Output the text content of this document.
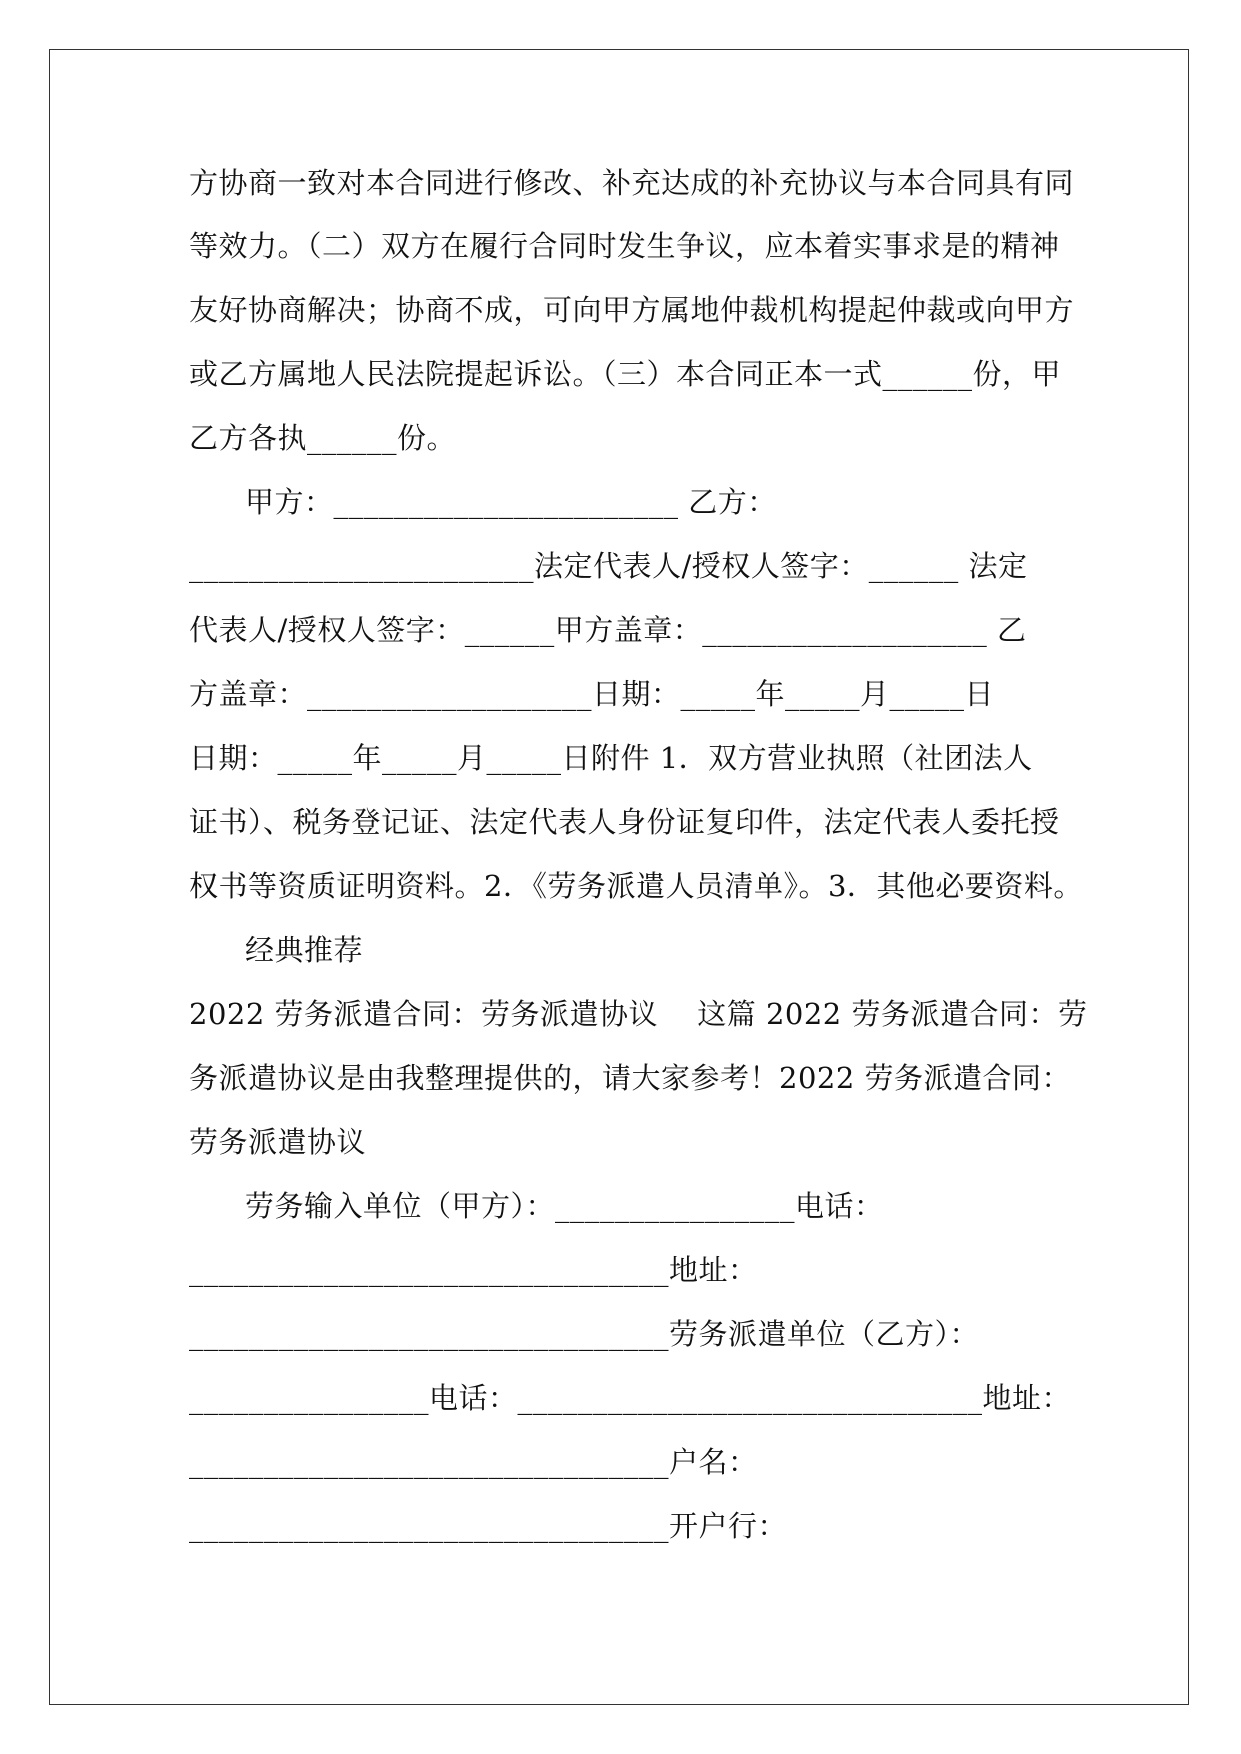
方协商一致对本合同进行修改、补充达成的补充协议与本合同具有同
等效力。（二）双方在履行合同时发生争议，应本着实事求是的精神
友好协商解决；协商不成，可向甲方属地仲裁机构提起仲裁或向甲方
或乙方属地人民法院提起诉讼。（三）本合同正本一式______份，甲
乙方各执______份。
甲方：_______________________ 乙方：
_______________________法定代表人/授权人签字：______ 法定
代表人/授权人签字：______甲方盖章：___________________ 乙
方盖章：___________________日期：_____年_____月_____日
日期：_____年_____月_____日附件 1．双方营业执照（社团法人
证书）、税务登记证、法定代表人身份证复印件，法定代表人委托授
权书等资质证明资料。2．《劳务派遣人员清单》。3．其他必要资料。
经典推荐
2022 劳务派遣合同：劳务派遣协议　 这篇 2022 劳务派遣合同：劳
务派遣协议是由我整理提供的，请大家参考！2022 劳务派遣合同：
劳务派遣协议
劳务输入单位（甲方）：________________电话：
________________________________地址：
________________________________劳务派遣单位（乙方）：
________________电话：_______________________________地址：
________________________________户名：
________________________________开户行：
